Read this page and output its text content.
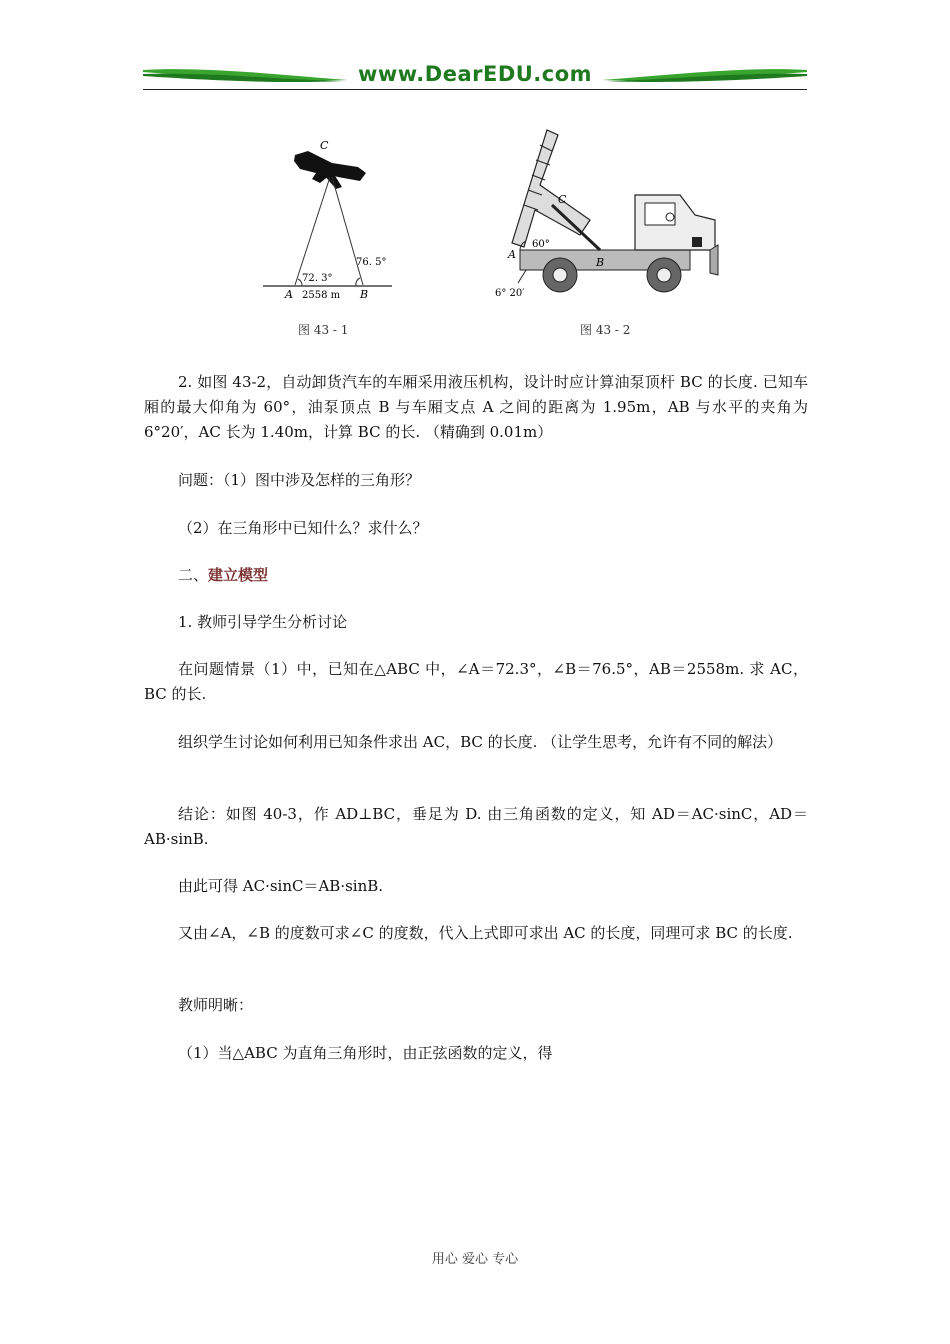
www.DearEDU.com
C
72. 3°
76. 5°
A 2558 m B
C
60°
A
B
6° 20′
图 43 - 1	图 43 - 2
2. 如图 43-2，自动卸货汽车的车厢采用液压机构，设计时应计算油泵顶杆 BC 的长度. 已知车厢的最大仰角为 60°，油泵顶点 B 与车厢支点 A 之间的距离为 1.95m，AB 与水平的夹角为 6°20′，AC 长为 1.40m，计算 BC 的长. （精确到 0.01m）
问题：（1）图中涉及怎样的三角形？
（2）在三角形中已知什么？求什么？
二、建立模型
1. 教师引导学生分析讨论
在问题情景（1）中，已知在△ABC 中，∠A＝72.3°，∠B＝76.5°，AB＝2558m. 求 AC，BC 的长.
组织学生讨论如何利用已知条件求出 AC，BC 的长度. （让学生思考，允许有不同的解法）
结论：如图 40-3，作 AD⊥BC，垂足为 D. 由三角函数的定义，知 AD＝AC·sinC，AD＝AB·sinB.
由此可得 AC·sinC＝AB·sinB.
又由∠A，∠B 的度数可求∠C 的度数，代入上式即可求出 AC 的长度，同理可求 BC 的长度.
教师明晰：
（1）当△ABC 为直角三角形时，由正弦函数的定义，得
用心 爱心 专心
